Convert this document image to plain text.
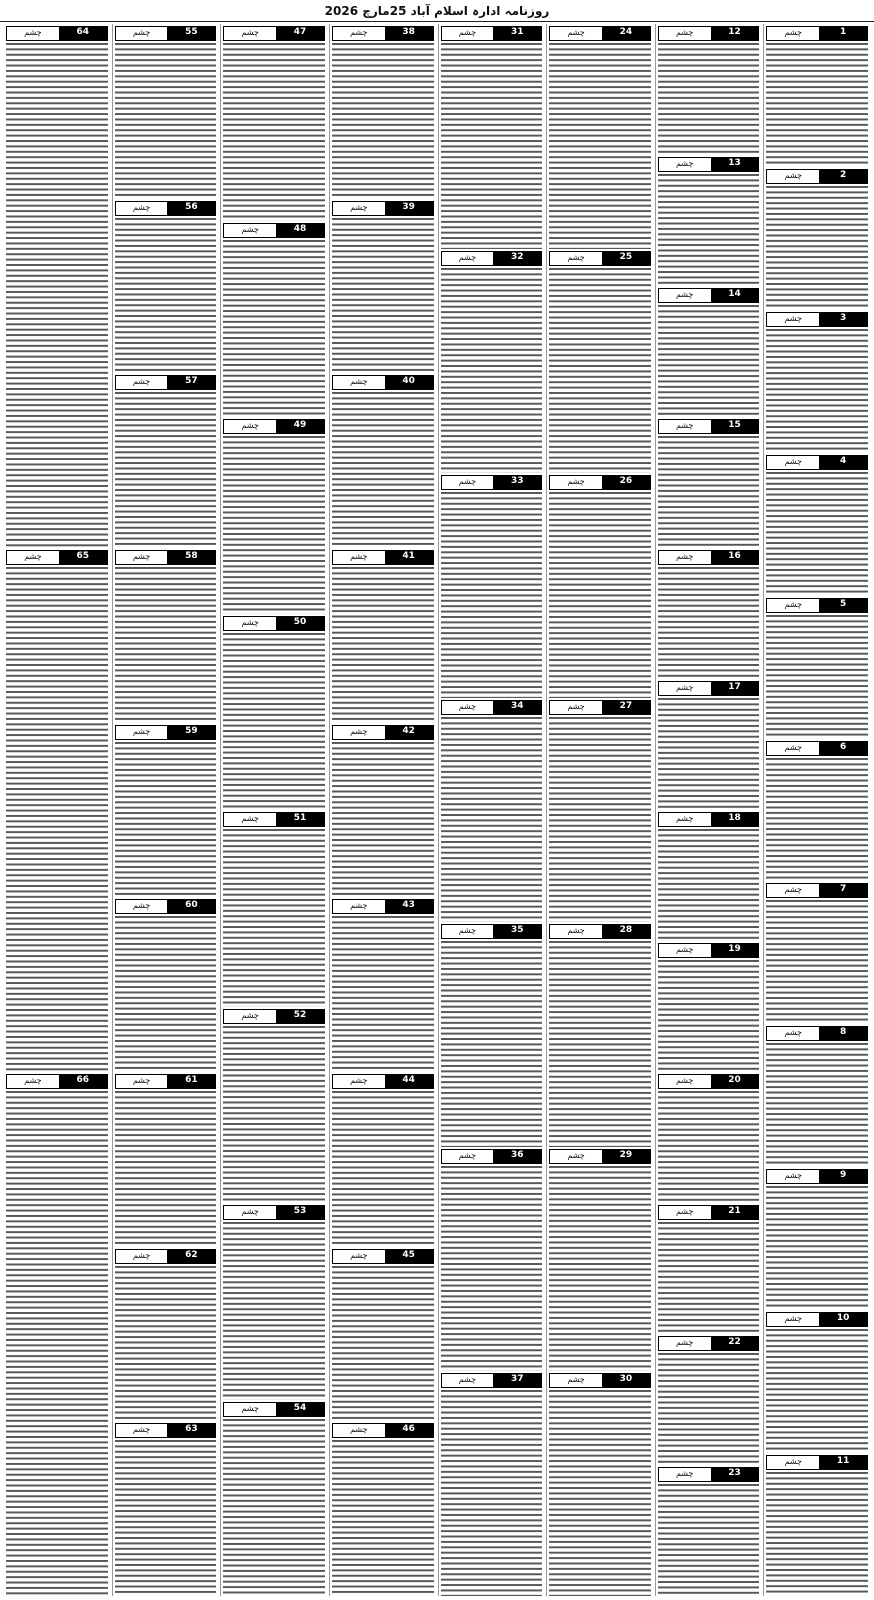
روزنامہ ادارہ اسلام آباد 25مارچ 2026
چشم	1
چشم	2
چشم	3
چشم	4
چشم	5
چشم	6
چشم	7
چشم	8
چشم	9
چشم	10
چشم	11
چشم	12
چشم	13
چشم	14
چشم	15
چشم	16
چشم	17
چشم	18
چشم	19
چشم	20
چشم	21
چشم	22
چشم	23
چشم	24
چشم	25
چشم	26
چشم	27
چشم	28
چشم	29
چشم	30
چشم	31
چشم	32
چشم	33
چشم	34
چشم	35
چشم	36
چشم	37
چشم	38
چشم	39
چشم	40
چشم	41
چشم	42
چشم	43
چشم	44
چشم	45
چشم	46
چشم	47
چشم	48
چشم	49
چشم	50
چشم	51
چشم	52
چشم	53
چشم	54
چشم	55
چشم	56
چشم	57
چشم	58
چشم	59
چشم	60
چشم	61
چشم	62
چشم	63
چشم	64
چشم	65
چشم	66
